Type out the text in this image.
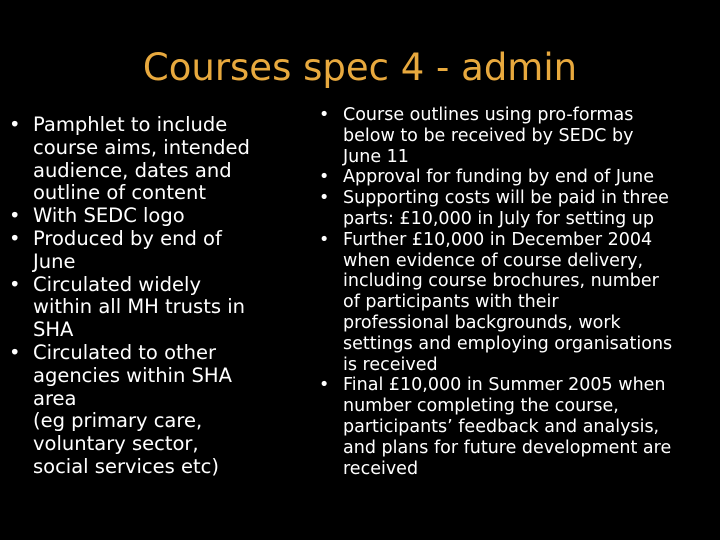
Courses spec 4 - admin
• Pamphlet to include
course aims, intended
audience, dates and
outline of content
• With SEDC logo
• Produced by end of
June
• Circulated widely
within all MH trusts in
SHA
• Circulated to other
agencies within SHA
area
(eg primary care,
voluntary sector,
social services etc)
• Course outlines using pro-formas
below to be received by SEDC by
June 11
• Approval for funding by end of June
• Supporting costs will be paid in three
parts: £10,000 in July for setting up
• Further £10,000 in December 2004
when evidence of course delivery,
including course brochures, number
of participants with their
professional backgrounds, work
settings and employing organisations
is received
• Final £10,000 in Summer 2005 when
number completing the course,
participants’ feedback and analysis,
and plans for future development are
received
